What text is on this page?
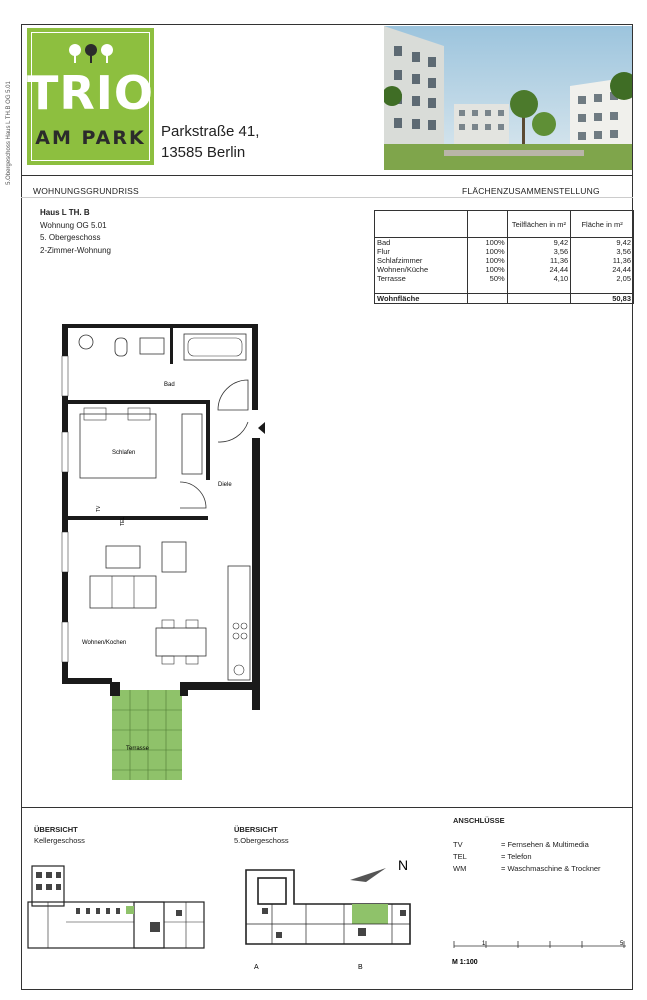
5.Obergeschoss Haus L TH.B OG 5.01 TRIO
AM PARK	Parkstraße 41,
13585 Berlin
WOHNUNGSGRUNDRISS	FLÄCHENZUSAMMENSTELLUNG
Haus L TH. B
Wohnung OG 5.01
5. Obergeschoss
2-Zimmer-Wohnung
		Teilflächen in m²	Fläche in m²
Bad	100%	9,42	9,42
Flur	100%	3,56	3,56
Schlafzimmer	100%	11,36	11,36
Wohnen/Küche	100%	24,44	24,44
Terrasse	50%	4,10	2,05

Wohnfläche			50,83
Bad
Schlafen
Diele
Wohnen/Kochen
Terrasse
TV
TEL
ÜBERSICHT
Kellergeschoss
ÜBERSICHT
5.Obergeschoss
N
A	B
ANSCHLÜSSE
TV	= Fernsehen & Multimedia
TEL	= Telefon
WM	= Waschmaschine & Trockner
1	5
M 1:100
